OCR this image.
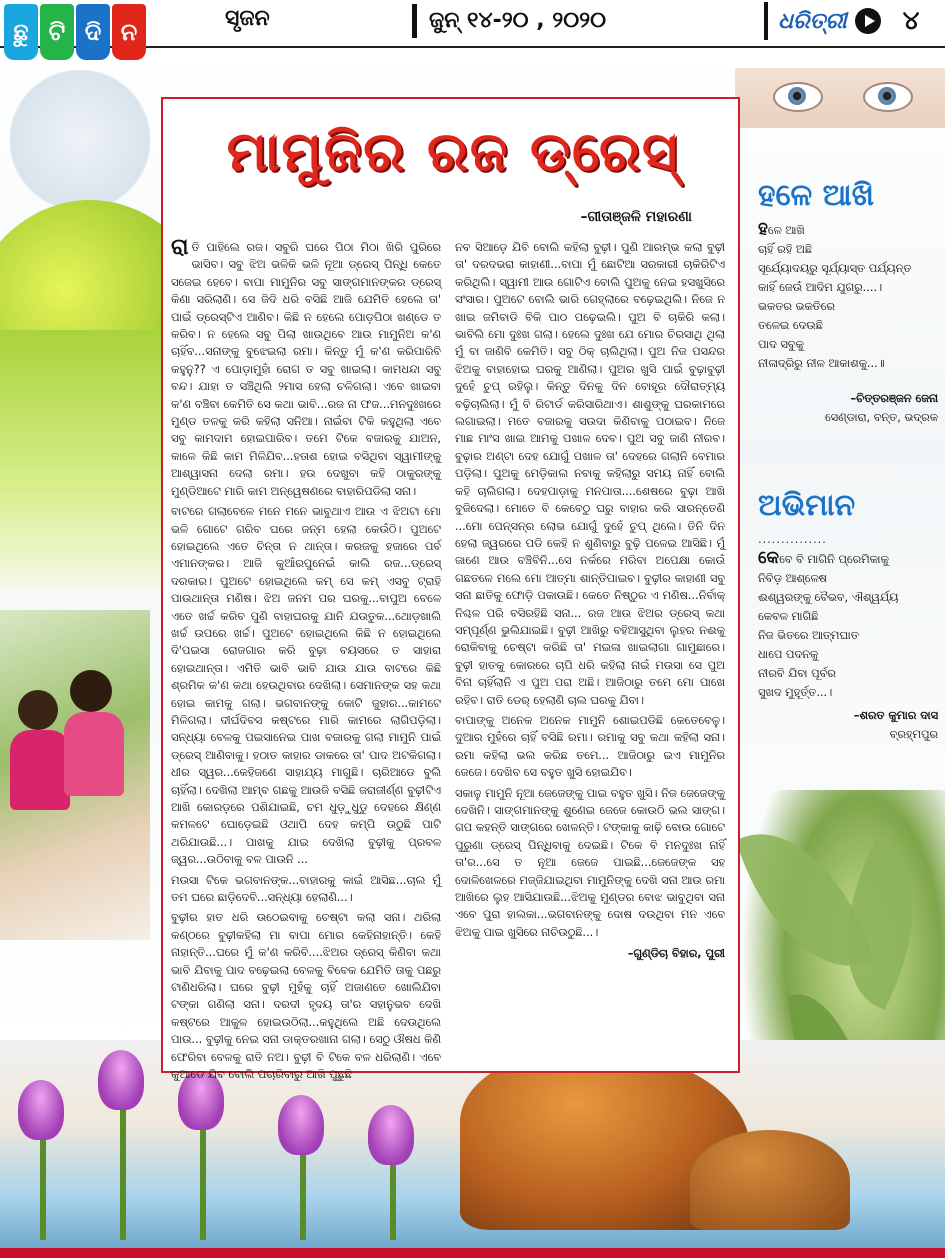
ଛୁ ଟି ଦି ନ	ସୃଜନ	ଜୁନ୍ ୧୪-୨୦ , ୨୦୨୦	ଧରିତ୍ରୀ ୪
ମାମୁଜିର ରଜ ଡ୍ରେସ୍
–ଗୀତାଞ୍ଜଳି ମହାରଣା

ରାତି ପାହିଲେ ରଜ। ସବୁରି ଘରେ ପିଠା ମିଠା ଖିରି ପୁରିରେ ଭାସିବ। ସବୁ ଝିଅ ଭଳିକି ଭଳି ନୂଆ ଡ୍ରେସ୍ ପିନ୍ଧି କେତେ ସଜେଇ ହେବେ। ବାପା ମାମୁନିର ସବୁ ସାଙ୍ଗମାନଙ୍କର ଡ୍ରେସ୍ କିଣା ସରିଲାଣି। ସେ ଜିଦି ଧରି ବସିଛି ଆଜି ଯେମିତି ହେଲେ ତା' ପାଇଁ ଡ୍ରେସ୍ଟିଏ ଆଣିବ। କିଛି ନ ହେଲେ ପୋଡ଼ପିଠା ଖଣ୍ଡେ ତ କରିବ। ନ ହେଲେ ସବୁ ପିଲା ଖାଉଥିବେ ଆଉ ମାମୁନିଅ କ'ଣ ଚାହିଁବ...ସନାଙ୍କୁ ବୁଝେଇଲା ରମା। କିନ୍ତୁ ମୁଁ କ'ଣ କରିପାରିବି କହୁନୁ?? ଏ ପୋଡ଼ାମୁହାଁ ରୋଗ ତ ସବୁ ଖାଇଲା। କାମଧନ୍ଦା ସବୁ ବନ୍ଦ। ଯାହା ତ ସଞ୍ଚିଥିଲି ୨ମାସ ହେଲା ଚଳିଗଲା। ଏବେ ଖାଇବା କ'ଣ ବଞ୍ଚିବା କେମିତି ସେ କଥା ଭାବି...ରଜ ନା ଫଜ...ମନଦୁଃଖରେ ମୁଣ୍ଡ ତଳକୁ କରି କହିଲା ସନିଆ। ନାଇଁବା ଟିକି କହୁଥିଲା ଏବେ ସବୁ କାମଦାମ ହୋଇପାରିବ। ତମେ ଟିକେ ବଜାରକୁ ଯାଅନ, କାଳେ କିଛି କାମ ମିଳିଯିବ...ହତାଶ ହୋଇ ବସିଥିବା ସ୍ୱାମୀଙ୍କୁ ଆଶ୍ୱାସନା ଦେଲା ରମା। ହଉ ଦେଖୁବା କହି ଠାକୁରଙ୍କୁ ମୁଣ୍ଡିଆଟେ ମାରି କାମ ଅନ୍ୱେଷଣରେ ବାହାରିପଡିଲା ସନା।

ବାଟରେ ଗଲାବେଳେ ମନେ ମନେ ଭାବୁଥାଏ ଆଉ ଏ ଝିଅଟା ମୋ ଭଳି ଗୋଟେ ଗରିବ ଘରେ ଜନ୍ମ ହେଲା କେଉଁଠି। ପୁଅଟେ ହୋଇଥିଲେ ଏତେ ଚିନ୍ତା ନ ଥାନ୍ତା। କରଜକୁ ହଜାରେ ପର୍ବ ଏମାନଙ୍କର। ଆଜି କୁଆଁରପୁନେଇଁ କାଲି ରଜ...ଡ୍ରେସ୍ ଦରକାର। ପୁଅଟେ ହୋଇଥିଲେ କମ୍ ସେ କମ୍ ଏସବୁ ଟ୍ରାହି ପାଉଥାନ୍ତା ମଣିଷ। ଝିଅ ଜନମ ପର ଘରକୁ...ବାପୁଅ ବେଳେ ଏତେ ଖର୍ଚ୍ଚ କରିବ ପୁଣି ବାହାଘରକୁ ଯାନି ଯଉତୁକ...ଥୋଡ଼ଖାଲି ଖର୍ଚ୍ଚ ଉପରେ ଖର୍ଚ୍ଚ। ପୁଅଟେ ହୋଇଥିଲେ କିଛି ନ ହୋଇଥିଲେ ଦି'ପଇସା ରୋଜଗାର କରି ବୁଢ଼ା ବୟସରେ ତ ସାହାରା ହୋଇଥାନ୍ତା। ଏମିତି ଭାବି ଭାବି ଯାଉ ଯାଉ ବାଟରେ କିଛି ଶ୍ରମିକ କ'ଣ କଥା ହେଉଥିବାର ଦେଖିଲା। ସେମାନଙ୍କ ସହ କଥା ହୋଇ କାମକୁ ଗଲା। ଭଗବାନଙ୍କୁ କୋଟି ଜୁହାର...କାମଟେ ମିଳିଗଲା। ଦୀର୍ଘଦିବସ କଷ୍ଟରେ ମାରି କାମରେ ଲାଗିପଡ଼ିଲା। ସନ୍ଧ୍ୟା ବେଳକୁ ପଇସାନେଇ ପାଖ ବଜାରକୁ ଗଲା ମାମୁନି ପାଇଁ ଡ୍ରେସ୍ ଆଣିବାକୁ। ହଠାତ କାହାର ଡାକରେ ତା' ପାଦ ଅଟକିଗଲା। ଧୀର ସ୍ୱର...କେହିଜଣେ ସାହାଯ୍ୟ ମାଗୁଛି। ଚାରିଆଡେ ବୁଲି ଚାହିଁଲା। ଦେଖିଲା ଆମ୍ବ ଗଛକୁ ଆଉଜି ବସିଛି ଜରାଜୀର୍ଣ୍ଣ ବୁଢ଼ୀଟିଏ ଆଖି କୋରଡ଼ରେ ପଶିଯାଇଛି, ଚମ ଧୁଡ଼ୁଧୁଡୁ ଦେହରେ କ୍ଷିଣ୍ଣ କମଳଟେ ଘୋଡ଼େଇଛି ଓଥାପି ଦେହ କମ୍ପି ଉଠୁଛି ପାଟି ଥରିଯାଉଛି...। ପାଖକୁ ଯାଇ ଦେଖିଲା ବୁଢ଼ୀକୁ ପ୍ରବଳ ଜ୍ୱର...ଉଠିବାକୁ ବଳ ପାଉନି ...

ମଉସା ଟିକେ ଭଗବାନଙ୍କ...ବାହାରକୁ କାଇଁ ଆସିଛ...ଚାଲ ମୁଁ ତମ ଘରେ ଛାଡ଼ିଦେବି...ସନ୍ଧ୍ୟା ହେଲାଣି...।

ବୁଢ଼ୀର ହାତ ଧରି ଉଠେଇବାକୁ ଚେଷ୍ଟା କଲା ସନା। ଥରିଲା କଣ୍ଠରେ ବୁଢ଼ୀକହିଲା ମା ବାପା ମୋର କେହିନାହାନ୍ତି। କେହି ନାହାନ୍ତି...ଘରେ ମୁଁ କ'ଣ କରିବି....ଝିଅର ଡ୍ରେସ୍ କିଣିବା କଥା ଭାବି ଯିବାକୁ ପାଦ ବଢ଼େଇଲା ବେଳକୁ ବିବେକ ଯେମିତି ତାକୁ ପଛରୁ ଟାଣିଧରିଲା। ଘରେ ବୁଢ଼ୀ ମୁହଁକୁ ଚାହିଁ ଅଜାଣତେ ଖୋଲିଯିବା ଟଙ୍କା ଗଣିଲା ସନା। ଦରଦୀ ହୃଦୟ ତା'ର ସହାନୁଭବ ଦେଖି କଷ୍ଟରେ ଆକୁଳ ହୋଇଉଠିଲା...କହୁଥିଲେ ଅଛି ଦେଉଥିଲେ ପାଉ... ବୁଢ଼ୀକୁ ନେଇ ସନା ଡାକ୍ତରଖାନା ଗଲା। ସେଠୁ ଔଷଧ କିଣି ଫେରିବା ବେଳକୁ ରାତି ନଅ। ବୁଢ଼ୀ ବି ଟିକେ ବଳ ଧରିଲାଣି। ଏବେ କୁଆଡେ ଯିବ ବୋଲି ପଚାରିବାରୁ ଆଖି ପୁଛୁଛି

ନବ ସିଆଡ଼େ ଯିବି ବୋଲି କହିଲା ବୁଢ଼ୀ। ପୁଣି ଆରମ୍ଭ କଲା ବୁଢ଼ୀ ତା' ଦରଦଭରା କାହାଣୀ...ବାପା ମୁଁ ଛୋଟିଆ ସରକାରୀ ଚାକିରିଟିଏ କରିଥିଲି। ସ୍ୱାମୀ ଆଉ ଗୋଟିଏ ବୋଲି ପୁଅକୁ ନେଇ ହସଖୁସିରେ ସଂସାର। ପୁଅଟେ ବୋଲି ଭାରି ଗେହ୍ଲାରେ ବଢ଼େଇଥିଲି। ନିଜେ ନ ଖାଇ ଜମିବାଡି ବିକି ପାଠ ପଢ଼େଇଲି। ପୁଅ ବି ଚାକିରି କଲା। ଭାବିଲି ମୋ ଦୁଃଖ ଗଲା। ହେଲେ ଦୁଃଖ ଯେ ମୋର ଚିରସାଥି ଥିଲା ମୁଁ ବା ଜାଣିବି କେମିତି। ସବୁ ଠିକ୍ ଚାଲିଥିଲା। ପୁଅ ନିଜ ପସନ୍ଦର ଝିଅକୁ ବାହାହୋଇ ଘରକୁ ଆଣିଲା। ପୁଅର ଖୁସି ପାଇଁ ବୁଢ଼ାବୁଢ଼ୀ ଦୁହେଁ ଚୁପ୍ ରହିଲୁ। କିନ୍ତୁ ଦିନକୁ ଦିନ ବୋହୂର ଦୌରାତ୍ମ୍ୟ ବଢ଼ିଚାଲିଲା। ମୁଁ ବି ରିଟାର୍ଡ କରିସାରିଥାଏ। ଶାଶୁଙ୍କୁ ଘରକାମରେ ଲଗାଇଲା। ମତେ ବଜାରକୁ ସଉଦା କିଣିବାକୁ ପଠାଇବ। ନିଜେ ମାଛ ମାଂସ ଖାଇ ଆମକୁ ପଖାଳ ଦେବ। ପୁଅ ସବୁ ଜାଣି ନୀରବ। ବୁଢ଼ାର ଅଣ୍ଟା ଦେହ ଯୋଗୁଁ ପଖାଳ ତା' ଦେହରେ ଗଲାନି ବେମାର ପଡ଼ିଲା। ପୁଅକୁ ମେଡ଼ିକାଲ ନବାକୁ କହିଲାରୁ ସମୟ ନାହିଁ ବୋଲି କହି ଚାଲିଗଲା। ଦେହପାଡ଼ାକୁ ମନପାତା....ଶେଷରେ ବୁଢ଼ା ଆଖି ବୁଜିଦେଲା। ମୋତେ ବି କେବେଠୁ ଘରୁ ବାହାର କରି ସାରନ୍ତେଣି ...ମୋ ପେନ୍ସନ୍‌ର ଲୋଭ ଯୋଗୁଁ ଦୁହେଁ ଚୁପ୍ ଥିଲେ। ତିନି ଦିନ ହେଲା ଜ୍ୱରରେ ପଡି କେହି ନ ଶୁଣିବାରୁ ବୁଢ଼ି ପଳେଇ ଆସିଛି। ମୁଁ ଜାଣେ ଆଉ ବଞ୍ଚିବିନି...ସେ ନର୍କରେ ମରିବା ଅପେକ୍ଷା କୋଉଁ ଗଛତଳେ ମଲେ ମୋ ଆତ୍ମା ଶାନ୍ତିପାଇବ। ବୁଢ଼ୀର କାହାଣୀ ସବୁ ସନା ଛାତିକୁ ଫୋଡ଼ି ପକାଉଛି। କେତେ ନିଷ୍ଠୁର ଏ ମଣିଷ...ନିର୍ବାକ୍ ନିଶ୍ଚଳ ପରି ବସିରହିଛି ସନା... ରଜ ଆଉ ଝିଅର ଡ୍ରେସ୍ କଥା ସମ୍ପୂର୍ଣ୍ଣ ଭୁଲିଯାଇଛି। ବୁଢ଼ୀ ଆଖିରୁ ବହିଆସୁଥିବା ଲୁହର ନଈକୁ ରୋକିବାକୁ ଚେଷ୍ଟା କରିଛି ତା' ମଇଳା ଖାଇଲାଗା ଗାମୁଛାରେ। ବୁଢ଼ୀ ହାତକୁ କୋରରେ ଚାପି ଧରି କହିଲା ନାଇଁ ମଉସା ସେ ପୁଅ ବିନା ଚାହିଁଲାନି ଏ ପୁଅ ପରା ଅଛି। ଆଜିଠାରୁ ତମେ ମୋ ପାଖେ ରହିବ। ରାତି ଡେର୍ ହେଲାଣି ଚାଲ ଘରକୁ ଯିବା।

ବାପାଙ୍କୁ ଅନେକ ଅନେକ ମାମୁନି ଶୋଇପଡିଛି କେତେବେଳୁ। ଦୁଆର ମୁହଁରେ ଚାହିଁ ବସିଛି ରମା। ରମାକୁ ସବୁ କଥା କହିଲା ସନା। ରମା କହିଲା ଭଲ କରିଛ ତମେ... ଆଜିଠାରୁ ଇଏ ମାମୁନିର ଜେଜେ। ଦେଖିବ ସେ ବହୁତ ଖୁସି ହୋଇଯିବ।

ସକାଳୁ ମାମୁନି ନୂଆ ଜେଜେଙ୍କୁ ପାଇ ବହୁତ ଖୁସି। ନିଜ ଜେଜେଙ୍କୁ ଦେଖିନି। ସାଙ୍ଗମାନଙ୍କୁ ଶୁଣେଇ ଜେଜେ କୋଉଠି ଭଲ ସାଙ୍ଗ। ଗପ କହନ୍ତି ସାଙ୍ଗରେ ଖେଳନ୍ତି। ଟଙ୍କାକୁ କାଢ଼ି ବୋଉ ଗୋଟେ ପୁରୁଣା ଡ୍ରେସ୍ ପିନ୍ଧିବାକୁ ଦେଇଛି। ଟିକେ ବି ମନଦୁଃଖ ନାହିଁ ତା'ର...ସେ ତ ନୂଆ ଜେଜେ ପାଇଛି...ଜେଜେଙ୍କ ସହ ଦୋଳିଖେଳରେ ମଜ୍ଜିଯାଇଥିବା ମାମୁନିଙ୍କୁ ଦେଖି ସନା ଆଉ ରମା ଆଖିରେ ଲୁହ ଆସିଯାଉଛି...ଝିଅକୁ ମୁଣ୍ଡର ବୋଝ ଭାବୁଥିବା ସନା ଏବେ ପୁରା ହାଲକା...ଭଗବାନଙ୍କୁ ଦୋଷ ଦଉଥିବା ମନ ଏବେ ଝିଅକୁ ପାଇ ଖୁସିରେ ନାଚିଉଠୁଛି...।

–ଗୁଣ୍ଡିଚା ବିହାର, ପୁରୀ
ହଳେ ଆଖି

ହଳେ ଆଖି

ଚାହିଁ ରହି ଅଛି

ସୂର୍ଯ୍ୟୋଦୟରୁ ସୂର୍ଯ୍ୟାସ୍ତ ପର୍ଯ୍ୟନ୍ତ

କାହିଁ ଜେଉଁ ଆଦିମ ଯୁଗରୁ....।

ଭକତର ଭକତିରେ

ତଳେଇ ଦେଉଛି

ପାଦ ସବୁକୁ

ନୀଳାଦ୍ରିରୁ ନୀଳ ଆକାଶକୁ...॥

–ଚିତ୍ତରଞ୍ଜନ ଜେନା

ସେଣ୍ଡାରା, ବନ୍ତ, ଭଦ୍ରକ

ଅଭିମାନ

...............

କେବେ ବି ମାଗିନି ପ୍ରେମିକାକୁ

ନିବିଡ଼ ଆଶ୍ଳେଷ

ଈଶ୍ୱରଙ୍କୁ ବୈଭବ, ଐଶ୍ୱର୍ଯ୍ୟ

କେବଳ ମାଗିଛି

ନିଜ ଭିତରେ ଆତ୍ମଘାତ

ଧାପେ ପଦନକୁ

ନୀରବି ଯିବା ପୂର୍ବର

ସୁଖଦ ମୁହୂର୍ତ୍ତ...।

–ଶରତ କୁମାର ଦାସ

ବ୍ରହ୍ମପୁର
